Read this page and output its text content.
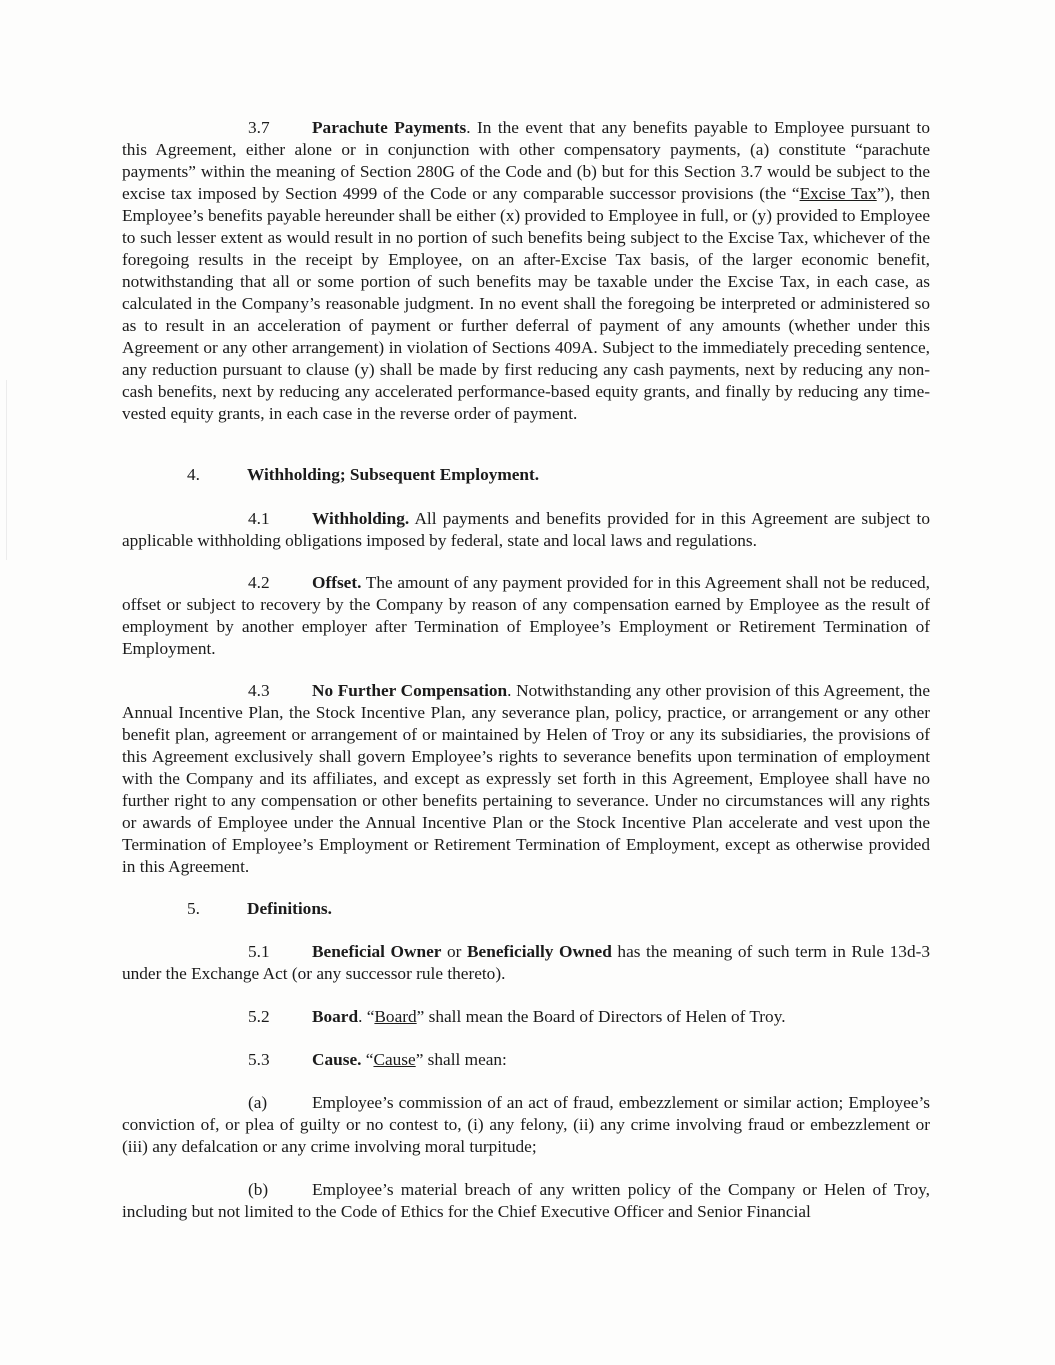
3.7 Parachute Payments. In the event that any benefits payable to Employee pursuant to this Agreement, either alone or in conjunction with other compensatory payments, (a) constitute “parachute payments” within the meaning of Section 280G of the Code and (b) but for this Section 3.7 would be subject to the excise tax imposed by Section 4999 of the Code or any comparable successor provisions (the “Excise Tax”), then Employee’s benefits payable hereunder shall be either (x) provided to Employee in full, or (y) provided to Employee to such lesser extent as would result in no portion of such benefits being subject to the Excise Tax, whichever of the foregoing results in the receipt by Employee, on an after-Excise Tax basis, of the larger economic benefit, notwithstanding that all or some portion of such benefits may be taxable under the Excise Tax, in each case, as calculated in the Company’s reasonable judgment. In no event shall the foregoing be interpreted or administered so as to result in an acceleration of payment or further deferral of payment of any amounts (whether under this Agreement or any other arrangement) in violation of Sections 409A. Subject to the immediately preceding sentence, any reduction pursuant to clause (y) shall be made by first reducing any cash payments, next by reducing any non-cash benefits, next by reducing any accelerated performance-based equity grants, and finally by reducing any time-vested equity grants, in each case in the reverse order of payment.

4.	Withholding; Subsequent Employment.

4.1 Withholding. All payments and benefits provided for in this Agreement are subject to applicable withholding obligations imposed by federal, state and local laws and regulations.

4.2 Offset. The amount of any payment provided for in this Agreement shall not be reduced, offset or subject to recovery by the Company by reason of any compensation earned by Employee as the result of employment by another employer after Termination of Employee’s Employment or Retirement Termination of Employment.

4.3 No Further Compensation. Notwithstanding any other provision of this Agreement, the Annual Incentive Plan, the Stock Incentive Plan, any severance plan, policy, practice, or arrangement or any other benefit plan, agreement or arrangement of or maintained by Helen of Troy or any its subsidiaries, the provisions of this Agreement exclusively shall govern Employee’s rights to severance benefits upon termination of employment with the Company and its affiliates, and except as expressly set forth in this Agreement, Employee shall have no further right to any compensation or other benefits pertaining to severance. Under no circumstances will any rights or awards of Employee under the Annual Incentive Plan or the Stock Incentive Plan accelerate and vest upon the Termination of Employee’s Employment or Retirement Termination of Employment, except as otherwise provided in this Agreement.

5.	Definitions.

5.1 Beneficial Owner or Beneficially Owned has the meaning of such term in Rule 13d-3 under the Exchange Act (or any successor rule thereto).

5.2 Board. “Board” shall mean the Board of Directors of Helen of Troy.

5.3 Cause. “Cause” shall mean:

(a)	Employee’s commission of an act of fraud, embezzlement or similar action; Employee’s conviction of, or plea of guilty or no contest to, (i) any felony, (ii) any crime involving fraud or embezzlement or (iii) any defalcation or any crime involving moral turpitude;

(b)	Employee’s material breach of any written policy of the Company or Helen of Troy, including but not limited to the Code of Ethics for the Chief Executive Officer and Senior Financial
